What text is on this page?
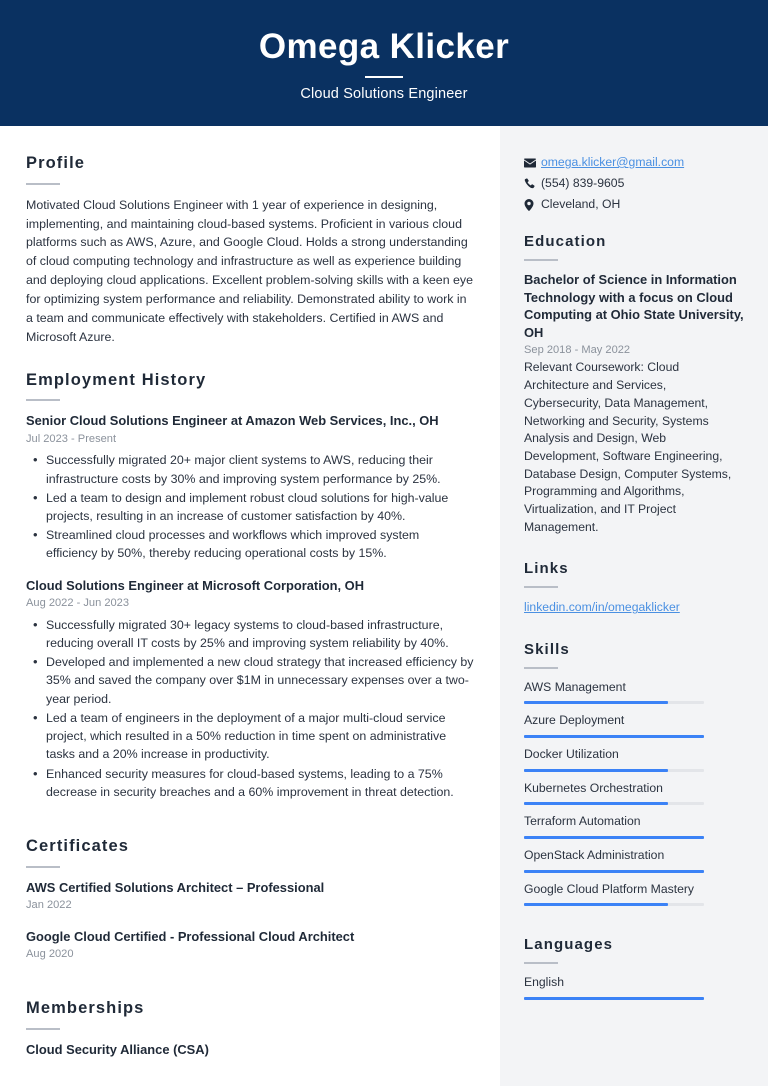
Omega Klicker
Cloud Solutions Engineer
Profile
Motivated Cloud Solutions Engineer with 1 year of experience in designing, implementing, and maintaining cloud-based systems. Proficient in various cloud platforms such as AWS, Azure, and Google Cloud. Holds a strong understanding of cloud computing technology and infrastructure as well as experience building and deploying cloud applications. Excellent problem-solving skills with a keen eye for optimizing system performance and reliability. Demonstrated ability to work in a team and communicate effectively with stakeholders. Certified in AWS and Microsoft Azure.
Employment History
Senior Cloud Solutions Engineer at Amazon Web Services, Inc., OH
Jul 2023 - Present
• Successfully migrated 20+ major client systems to AWS, reducing their infrastructure costs by 30% and improving system performance by 25%.
• Led a team to design and implement robust cloud solutions for high-value projects, resulting in an increase of customer satisfaction by 40%.
• Streamlined cloud processes and workflows which improved system efficiency by 50%, thereby reducing operational costs by 15%.
Cloud Solutions Engineer at Microsoft Corporation, OH
Aug 2022 - Jun 2023
• Successfully migrated 30+ legacy systems to cloud-based infrastructure, reducing overall IT costs by 25% and improving system reliability by 40%.
• Developed and implemented a new cloud strategy that increased efficiency by 35% and saved the company over $1M in unnecessary expenses over a two-year period.
• Led a team of engineers in the deployment of a major multi-cloud service project, which resulted in a 50% reduction in time spent on administrative tasks and a 20% increase in productivity.
• Enhanced security measures for cloud-based systems, leading to a 75% decrease in security breaches and a 60% improvement in threat detection.
Certificates
AWS Certified Solutions Architect – Professional
Jan 2022
Google Cloud Certified - Professional Cloud Architect
Aug 2020
Memberships
Cloud Security Alliance (CSA)
omega.klicker@gmail.com
(554) 839-9605
Cleveland, OH
Education
Bachelor of Science in Information Technology with a focus on Cloud Computing at Ohio State University, OH
Sep 2018 - May 2022
Relevant Coursework: Cloud Architecture and Services, Cybersecurity, Data Management, Networking and Security, Systems Analysis and Design, Web Development, Software Engineering, Database Design, Computer Systems, Programming and Algorithms, Virtualization, and IT Project Management.
Links
linkedin.com/in/omegaklicker
Skills
AWS Management
Azure Deployment
Docker Utilization
Kubernetes Orchestration
Terraform Automation
OpenStack Administration
Google Cloud Platform Mastery
Languages
English
